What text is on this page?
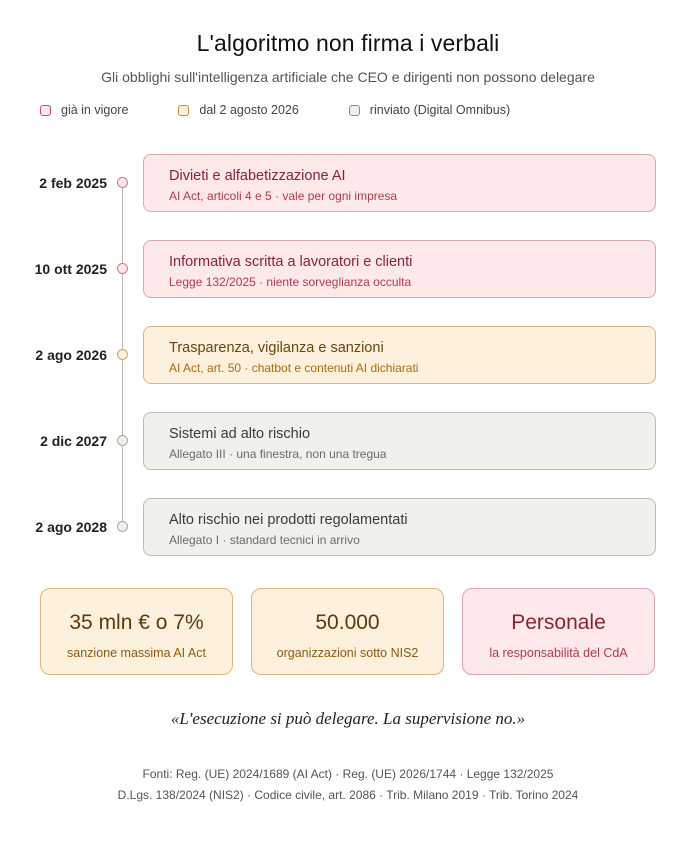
L'algoritmo non firma i verbali
Gli obblighi sull'intelligenza artificiale che CEO e dirigenti non possono delegare
già in vigore	dal 2 agosto 2026	rinviato (Digital Omnibus)
2 feb 2025	Divieti e alfabetizzazione AI
AI Act, articoli 4 e 5 · vale per ogni impresa
10 ott 2025	Informativa scritta a lavoratori e clienti
Legge 132/2025 · niente sorveglianza occulta
2 ago 2026	Trasparenza, vigilanza e sanzioni
AI Act, art. 50 · chatbot e contenuti AI dichiarati
2 dic 2027	Sistemi ad alto rischio
Allegato III · una finestra, non una tregua
2 ago 2028	Alto rischio nei prodotti regolamentati
Allegato I · standard tecnici in arrivo
35 mln € o 7%
sanzione massima AI Act
50.000
organizzazioni sotto NIS2
Personale
la responsabilità del CdA
«L'esecuzione si può delegare. La supervisione no.»
Fonti: Reg. (UE) 2024/1689 (AI Act) · Reg. (UE) 2026/1744 · Legge 132/2025
D.Lgs. 138/2024 (NIS2) · Codice civile, art. 2086 · Trib. Milano 2019 · Trib. Torino 2024
